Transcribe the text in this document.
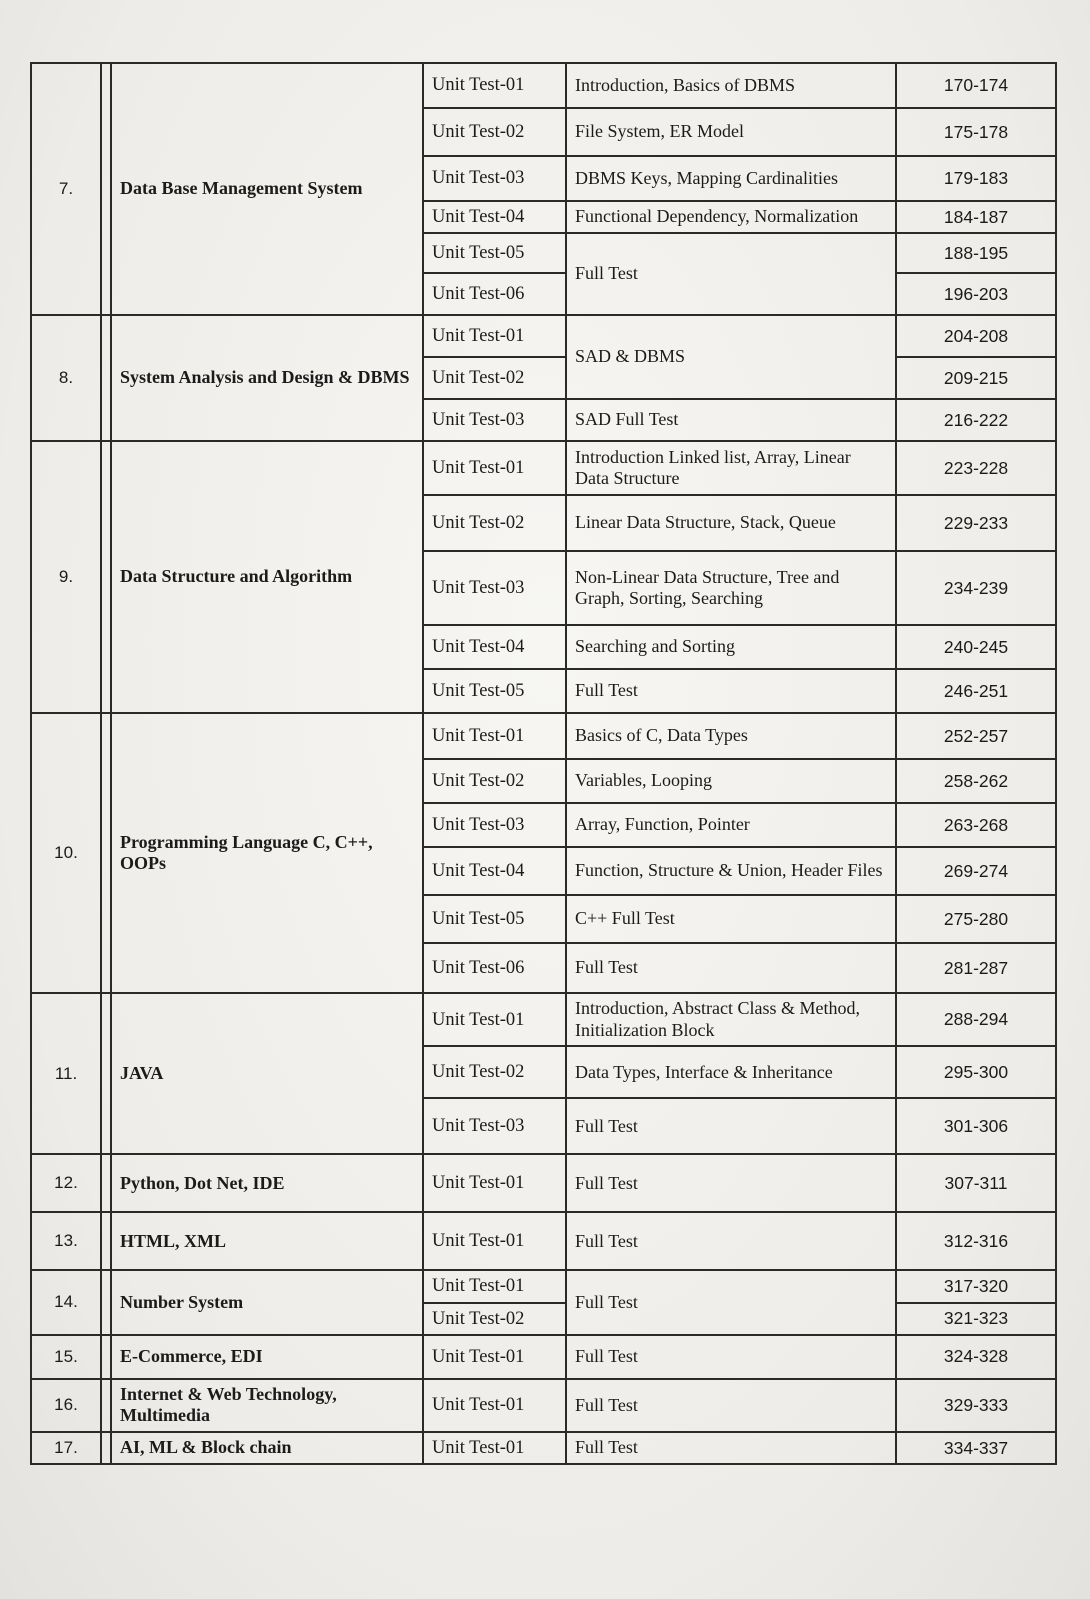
7.		Data Base Management System	Unit Test-01	Introduction, Basics of DBMS	170-174
			Unit Test-02	File System, ER Model	175-178
			Unit Test-03	DBMS Keys, Mapping Cardinalities	179-183
			Unit Test-04	Functional Dependency, Normalization	184-187
			Unit Test-05	Full Test	188-195
			Unit Test-06		196-203
8.		System Analysis and Design & DBMS	Unit Test-01	SAD & DBMS	204-208
			Unit Test-02		209-215
			Unit Test-03	SAD Full Test	216-222
9.		Data Structure and Algorithm	Unit Test-01	Introduction Linked list, Array, Linear Data Structure	223-228
			Unit Test-02	Linear Data Structure, Stack, Queue	229-233
			Unit Test-03	Non-Linear Data Structure, Tree and Graph, Sorting, Searching	234-239
			Unit Test-04	Searching and Sorting	240-245
			Unit Test-05	Full Test	246-251
10.		Programming Language C, C++, OOPs	Unit Test-01	Basics of C, Data Types	252-257
			Unit Test-02	Variables, Looping	258-262
			Unit Test-03	Array, Function, Pointer	263-268
			Unit Test-04	Function, Structure & Union, Header Files	269-274
			Unit Test-05	C++ Full Test	275-280
			Unit Test-06	Full Test	281-287
11.		JAVA	Unit Test-01	Introduction, Abstract Class & Method, Initialization Block	288-294
			Unit Test-02	Data Types, Interface & Inheritance	295-300
			Unit Test-03	Full Test	301-306
12.		Python, Dot Net, IDE	Unit Test-01	Full Test	307-311
13.		HTML, XML	Unit Test-01	Full Test	312-316
14.		Number System	Unit Test-01	Full Test	317-320
			Unit Test-02		321-323
15.		E-Commerce, EDI	Unit Test-01	Full Test	324-328
16.		Internet & Web Technology, Multimedia	Unit Test-01	Full Test	329-333
17.		AI, ML & Block chain	Unit Test-01	Full Test	334-337
